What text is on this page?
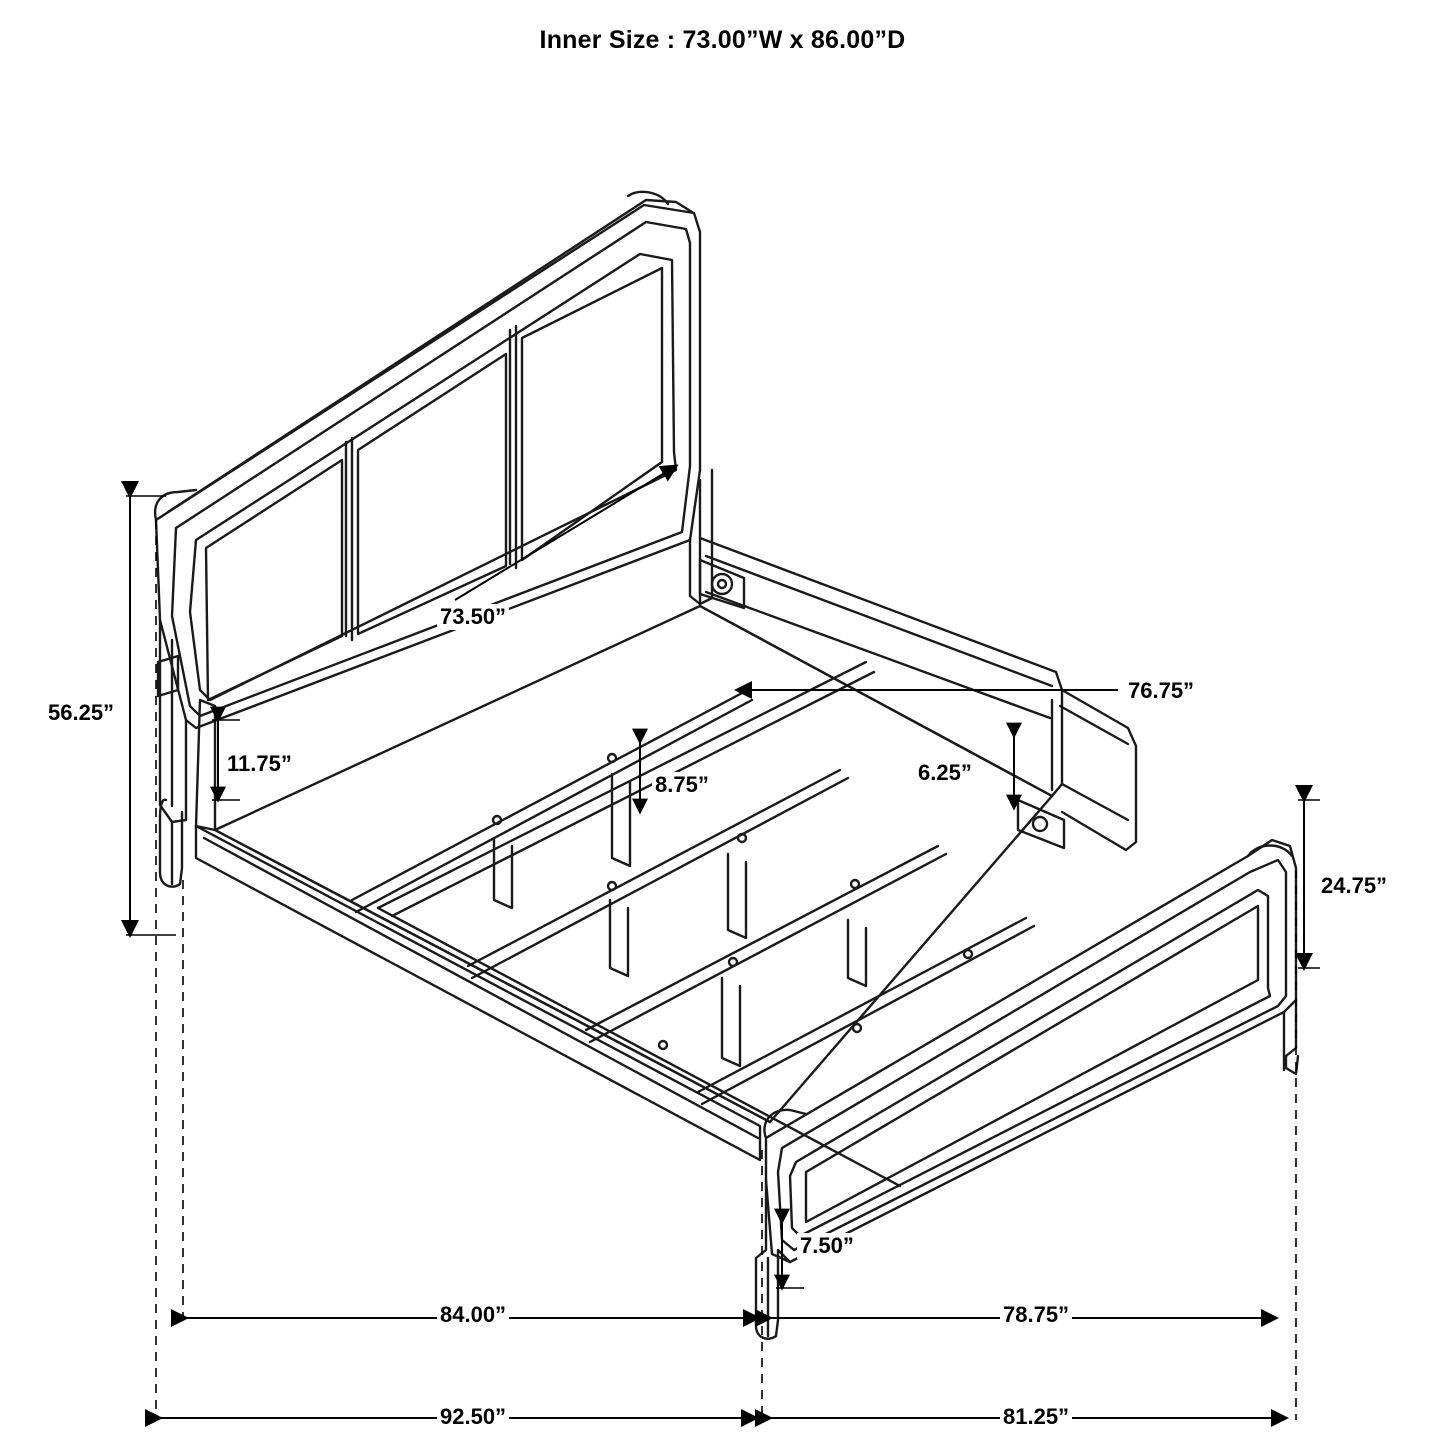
Inner Size : 73.00”W x 86.00”D
56.25”
73.50”
76.75”
11.75”
8.75”	6.25”
24.75”
7.50”
84.00”	78.75”
92.50”	81.25”
